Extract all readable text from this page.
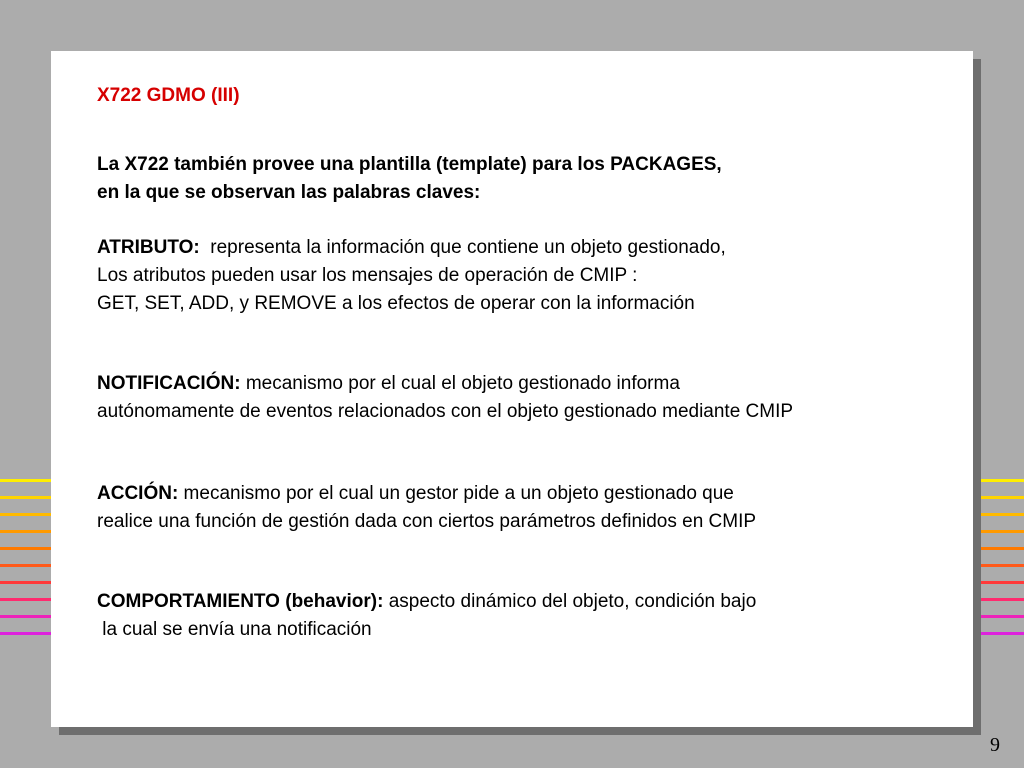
X722 GDMO (III)
La X722 también provee una plantilla (template) para los PACKAGES,
en la que se observan las palabras claves:
ATRIBUTO:  representa la información que contiene un objeto gestionado,
Los atributos pueden usar los mensajes de operación de CMIP :
GET, SET, ADD, y REMOVE a los efectos de operar con la información
NOTIFICACIÓN: mecanismo por el cual el objeto gestionado informa
autónomamente de eventos relacionados con el objeto gestionado mediante CMIP
ACCIÓN: mecanismo por el cual un gestor pide a un objeto gestionado que
realice una función de gestión dada con ciertos parámetros definidos en CMIP
COMPORTAMIENTO (behavior): aspecto dinámico del objeto, condición bajo
la cual se envía una notificación
9
